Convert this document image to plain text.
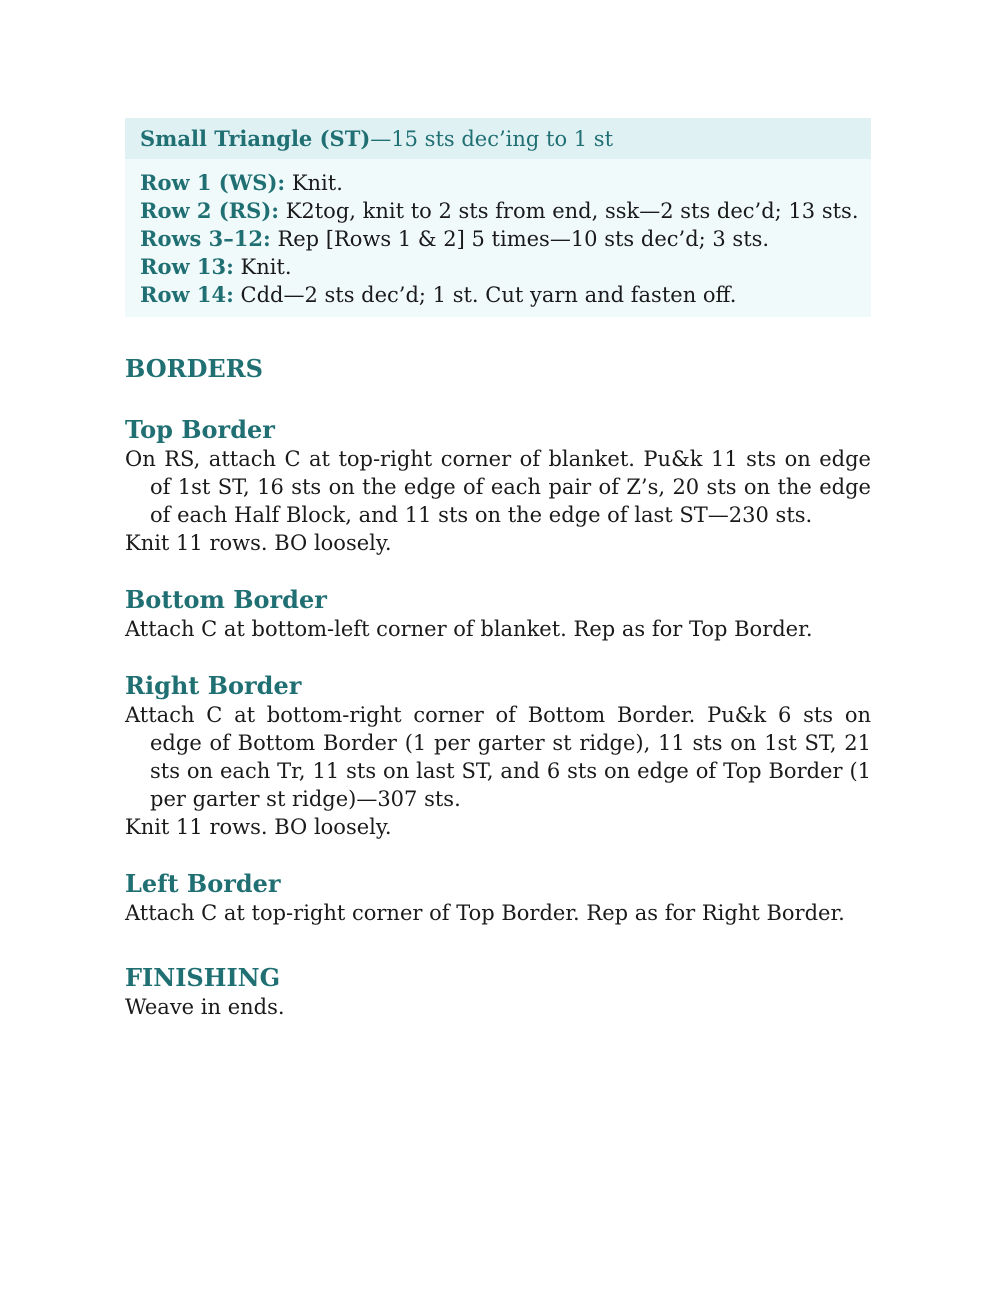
Small Triangle (ST) —15 sts dec’ing to 1 st
Row 1 (WS): Knit.
Row 2 (RS): K2tog, knit to 2 sts from end, ssk—2 sts dec’d; 13 sts.
Rows 3–12: Rep [Rows 1 & 2] 5 times—10 sts dec’d; 3 sts.
Row 13: Knit.
Row 14: Cdd—2 sts dec’d; 1 st. Cut yarn and fasten off.
BORDERS
Top Border

On RS, attach C at top-right corner of blanket. Pu&k 11 sts on edge of 1st ST, 16 sts on the edge of each pair of Z’s, 20 sts on the edge of each Half Block, and 11 sts on the edge of last ST—230 sts.

Knit 11 rows. BO loosely.

Bottom Border

Attach C at bottom-left corner of blanket. Rep as for Top Border.

Right Border

Attach C at bottom-right corner of Bottom Border. Pu&k 6 sts on edge of Bottom Border (1 per garter st ridge), 11 sts on 1st ST, 21 sts on each Tr, 11 sts on last ST, and 6 sts on edge of Top Border (1 per garter st ridge)—307 sts.

Knit 11 rows. BO loosely.

Left Border

Attach C at top-right corner of Top Border. Rep as for Right Border.

FINISHING

Weave in ends.
